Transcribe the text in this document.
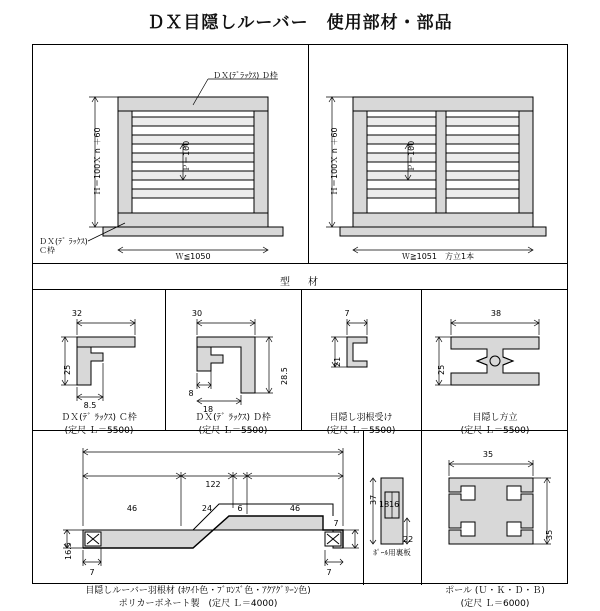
ＤＸ目隠しルーバー　使用部材・部品
型　材
ＤＸ(ﾃﾞﾗｯｸｽ) Ｄ枠
ＤＸ(ﾃﾞ ﾗｯｸｽ)
Ｃ枠
Ｈ＝100Ｘ n ＋60	Ｐ＝100
Ｗ≦1050
Ｈ＝100Ｘ n ＋60	Ｐ＝100
Ｗ≧1051　方立1本
32
25
8.5
ＤＸ(ﾃﾞ ﾗｯｸｽ) Ｃ枠
(定尺 Ｌ＝5500)
30
28.5
8
18
ＤＸ(ﾃﾞ ﾗｯｸｽ) Ｄ枠
(定尺 Ｌ＝5500)
7
21
目隠し羽根受け
(定尺 Ｌ＝5500)
38
25
目隠し方立
(定尺 Ｌ＝5500)
122
46	24	6	46
16.5
7
7
7
目隠しルーバー羽根材 (ﾎﾜｲﾄ色・ﾌﾞﾛﾝｽﾞ色・ｱｸｱｸﾞﾘｰﾝ色)
ポリカーボネート製　(定尺 Ｌ＝4000)
37 18 16
22
ﾎﾟｰﾙ用裏板
35
35
ポール (Ｕ・Ｋ・Ｄ・Ｂ)
(定尺 Ｌ＝6000)
